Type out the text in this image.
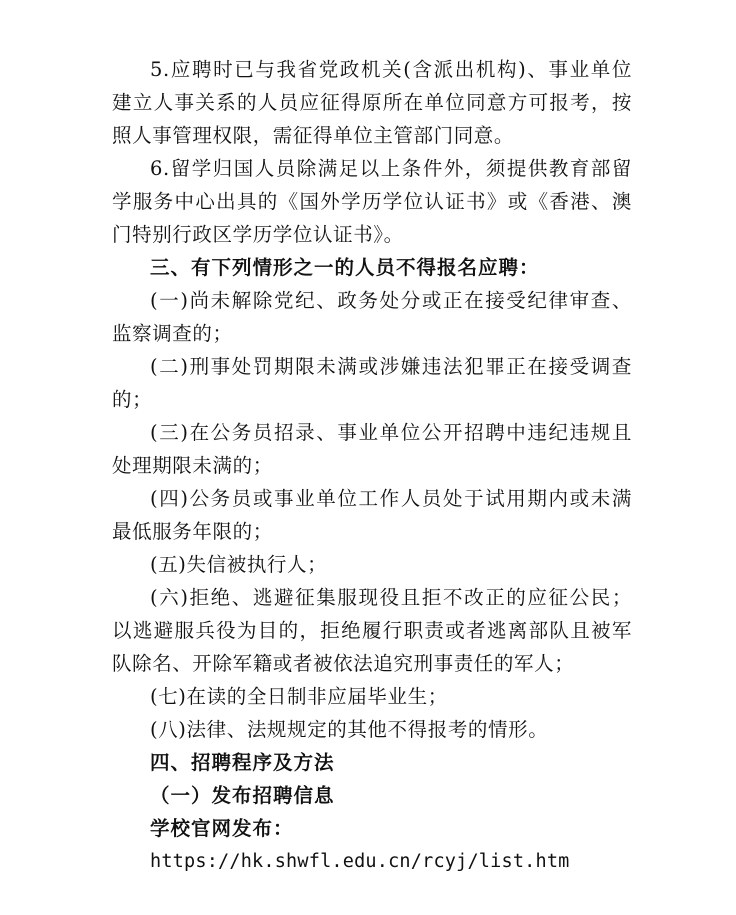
5.应聘时已与我省党政机关(含派出机构)、事业单位
建立人事关系的人员应征得原所在单位同意方可报考，按
照人事管理权限，需征得单位主管部门同意。
6.留学归国人员除满足以上条件外，须提供教育部留
学服务中心出具的《国外学历学位认证书》或《香港、澳
门特别行政区学历学位认证书》。
三、有下列情形之一的人员不得报名应聘：
(一)尚未解除党纪、政务处分或正在接受纪律审查、
监察调查的；
(二)刑事处罚期限未满或涉嫌违法犯罪正在接受调查
的；
(三)在公务员招录、事业单位公开招聘中违纪违规且
处理期限未满的；
(四)公务员或事业单位工作人员处于试用期内或未满
最低服务年限的；
(五)失信被执行人；
(六)拒绝、逃避征集服现役且拒不改正的应征公民；
以逃避服兵役为目的，拒绝履行职责或者逃离部队且被军
队除名、开除军籍或者被依法追究刑事责任的军人；
(七)在读的全日制非应届毕业生；
(八)法律、法规规定的其他不得报考的情形。
四、招聘程序及方法
（一）发布招聘信息
学校官网发布：
https://hk.shwfl.edu.cn/rcyj/list.htm
